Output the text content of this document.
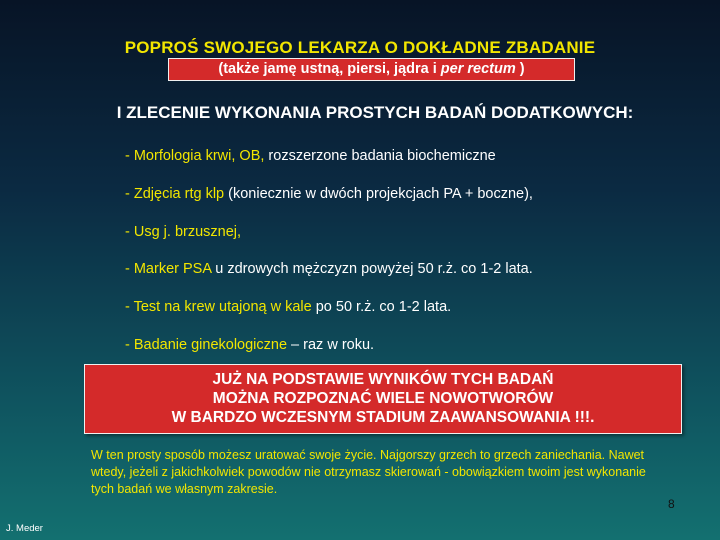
POPROŚ SWOJEGO LEKARZA O DOKŁADNE ZBADANIE
(także jamę ustną, piersi, jądra i per rectum )
I ZLECENIE WYKONANIA PROSTYCH BADAŃ DODATKOWYCH:
- Morfologia krwi, OB, rozszerzone badania biochemiczne
- Zdjęcia rtg klp (koniecznie w dwóch projekcjach PA + boczne),
- Usg j. brzusznej,
- Marker PSA u zdrowych mężczyzn powyżej 50 r.ż. co 1-2 lata.
- Test na krew utajoną w kale po 50 r.ż. co 1-2 lata.
- Badanie ginekologiczne – raz w roku.
JUŻ NA PODSTAWIE WYNIKÓW TYCH BADAŃ
MOŻNA ROZPOZNAĆ WIELE NOWOTWORÓW
W BARDZO WCZESNYM STADIUM ZAAWANSOWANIA !!!.
W ten prosty sposób możesz uratować swoje życie. Najgorszy grzech to grzech zaniechania. Nawet wtedy, jeżeli z jakichkolwiek powodów nie otrzymasz skierowań - obowiązkiem twoim jest wykonanie tych badań we własnym zakresie.
8
J. Meder
